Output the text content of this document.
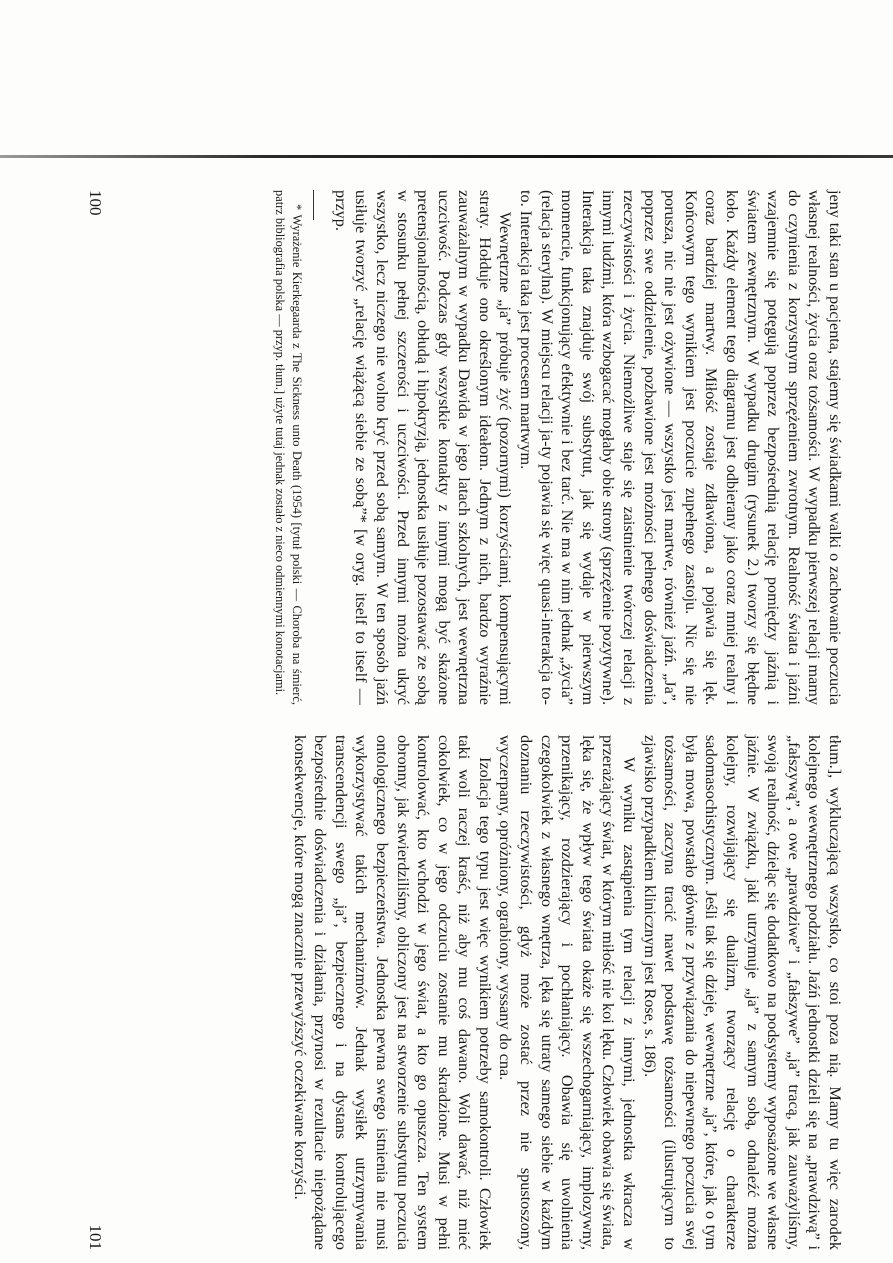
jeny taki stan u pacjenta, stajemy się świadkami walki o zachowanie poczucia własnej realności, życia oraz tożsamości. W wypadku pierwszej relacji mamy do czynienia z korzystnym sprzężeniem zwrotnym. Realność świata i jaźni wzajemnie się potęgują poprzez bezpośrednią relację pomiędzy jaźnią i światem zewnętrznym. W wypadku drugim (rysunek 2.) tworzy się błędne koło. Każdy element tego diagramu jest odbierany jako coraz mniej realny i coraz bardziej martwy. Miłość zostaje zdławiona, a pojawia się lęk. Końcowym tego wynikiem jest poczucie zupełnego zastoju. Nic się nie porusza, nic nie jest ożywione — wszystko jest martwe, również jaźń. „Ja”, poprzez swe oddzielenie, pozbawione jest możności pełnego doświadczenia rzeczywistości i życia. Niemożliwe staje się zaistnienie twórczej relacji z innymi ludźmi, która wzbogacać mogłaby obie strony (sprzężenie pozytywne). Interakcja taka znajduje swój substytut, jak się wydaje w pierwszym momencie, funkcjonujący efektywnie i bez tarć. Nie ma w nim jednak „życia” (relacja sterylna). W miejscu relacji ja-ty pojawia się więc quasi-interakcja to-to. Interakcja taka jest procesem martwym.

Wewnętrzne „ja” próbuje żyć (pozornymi) korzyściami, kompensującymi straty. Hołduje ono określonym ideałom. Jednym z nich, bardzo wyraźnie zauważalnym w wypadku Dawida w jego latach szkolnych, jest wewnętrzna uczciwość. Podczas gdy wszystkie kontakty z innymi mogą być skażone pretensjonalnością, obłudą i hipokryzją, jednostka usiłuje pozostawać ze sobą w stosunku pełnej szczerości i uczciwości. Przed innymi można ukryć wszystko, lecz niczego nie wolno kryć przed sobą samym. W ten sposób jaźń usiłuje tworzyć „relację wiążącą siebie ze sobą”* [w oryg. itself to itself — przyp.

* Wyrażenie Kierkegaarda z The Sickness unto Death (1954) [tytuł polski — Choroba na śmierć, patrz bibliografia polska — przyp. tłum.] użyte tutaj jednak zostało z nieco odmiennymi konotacjami.

100

tłum.], wykluczającą wszystko, co stoi poza nią. Mamy tu więc zarodek kolejnego wewnętrznego podziału. Jaźń jednostki dzieli się na „prawdziwą” i „fałszywą”, a owe „prawdziwe” i „fałszywe” „ja” tracą, jak zauważyliśmy, swoją realność, dzieląc się dodatkowo na podsystemy wyposażone we własne jaźnie. W związku, jaki utrzymuje „ja” z samym sobą, odnaleźć można kolejny, rozwijający się dualizm, tworzący relację o charakterze sadomasochistycznym. Jeśli tak się dzieje, wewnętrzne „ja”, które, jak o tym była mowa, powstało głównie z przywiązania do niepewnego poczucia swej tożsamości, zaczyna tracić nawet podstawę tożsamości (ilustrującym to zjawisko przypadkiem klinicznym jest Rose, s. 186).

W wyniku zastąpienia tym relacji z innymi, jednostka wkracza w przerażający świat, w którym miłość nie koi lęku. Człowiek obawia się świata, lęka się, że wpływ tego świata okaże się wszechogarniający, implozywny, przenikający, rozdzierający i pochłaniający. Obawia się uwolnienia czegokolwiek z własnego wnętrza, lęka się utraty samego siebie w każdym doznaniu rzeczywistości, gdyż może zostać przez nie spustoszony, wyczerpany, opróżniony, ograbiony, wyssany do cna.

Izolacja tego typu jest więc wynikiem potrzeby samokontroli. Człowiek taki woli raczej kraść, niż aby mu coś dawano. Woli dawać, niż mieć cokolwiek, co w jego odczuciu zostanie mu skradzione. Musi w pełni kontrolować, kto wchodzi w jego świat, a kto go opuszcza. Ten system obronny, jak stwierdziliśmy, obliczony jest na stworzenie substytutu poczucia ontologicznego bezpieczeństwa. Jednostka pewna swego istnienia nie musi wykorzystywać takich mechanizmów. Jednak wysiłek utrzymywania transcendencji swego „ja”, bezpiecznego i na dystans kontrolującego bezpośrednie doświadczenia i działania, przynosi w rezultacie niepożądane konsekwencje, które mogą znacznie przewyższyć oczekiwane korzyści.

101
